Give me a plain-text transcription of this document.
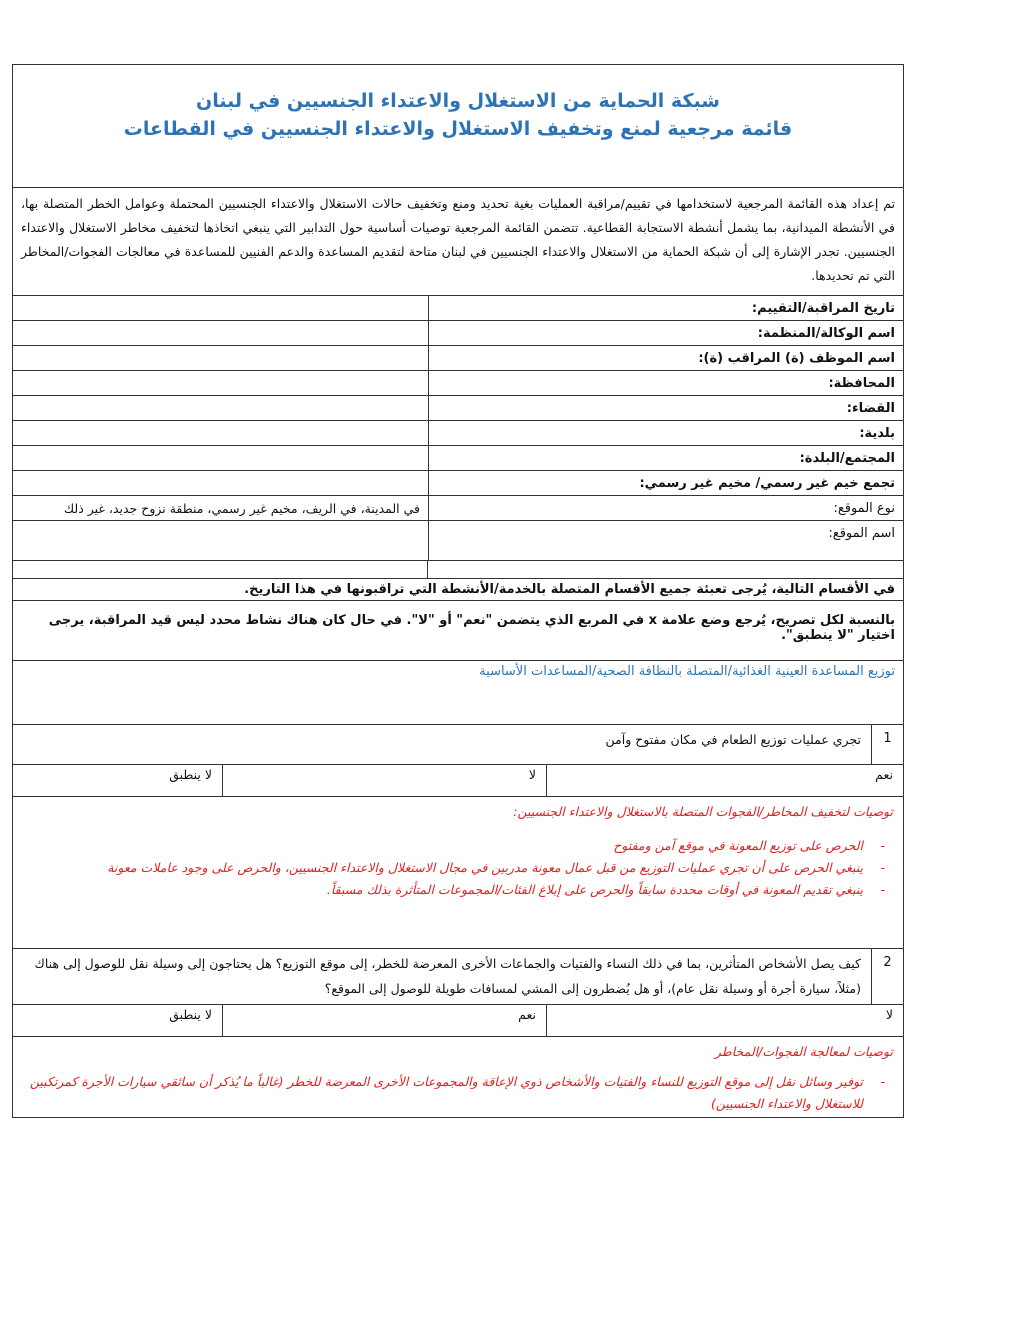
شبكة الحماية من الاستغلال والاعتداء الجنسيين في لبنان
قائمة مرجعية لمنع وتخفيف الاستغلال والاعتداء الجنسيين في القطاعات
تم إعداد هذه القائمة المرجعية لاستخدامها في تقييم/مراقبة العمليات بغية تحديد ومنع وتخفيف حالات الاستغلال والاعتداء الجنسيين المحتملة وعوامل الخطر المتصلة بها، في الأنشطة الميدانية، بما يشمل أنشطة الاستجابة القطاعية. تتضمن القائمة المرجعية توصيات أساسية حول التدابير التي ينبغي اتخاذها لتخفيف مخاطر الاستغلال والاعتداء الجنسيين. تجدر الإشارة إلى أن شبكة الحماية من الاستغلال والاعتداء الجنسيين في لبنان متاحة لتقديم المساعدة والدعم الفنيين للمساعدة في معالجات الفجوات/المخاطر التي تم تحديدها.
تاريخ المراقبة/التقييم:
اسم الوكالة/المنظمة:
اسم الموظف (ة) المراقب (ة):
المحافظة:
القضاء:
بلدية:
المجتمع/البلدة:
تجمع خيم غير رسمي/ مخيم غير رسمي:
نوع الموقع:
في المدينة، في الريف، مخيم غير رسمي، منطقة نزوح جديد، غير ذلك
اسم الموقع:
في الأقسام التالية، يُرجى تعبئة جميع الأقسام المتصلة بالخدمة/الأنشطة التي تراقبونها في هذا التاريخ.
بالنسبة لكل تصريح، يُرجع وضع علامة x في المربع الذي يتضمن "نعم" أو "لا". في حال كان هناك نشاط محدد ليس قيد المراقبة، يرجى اختيار "لا ينطبق".
توزيع المساعدة العينية الغذائية/المتصلة بالنظافة الصحية/المساعدات الأساسية
1
تجري عمليات توزيع الطعام في مكان مفتوح وآمن
نعم
لا
لا ينطبق
توصيات لتخفيف المخاطر/الفجوات المتصلة بالاستغلال والاعتداء الجنسيين:
- الحرص على توزيع المعونة في موقع آمن ومفتوح
- ينبغي الحرص على أن تجري عمليات التوزيع من قبل عمال معونة مدربين في مجال الاستغلال والاعتداء الجنسيين، والحرص على وجود عاملات معونة
- ينبغي تقديم المعونة في أوقات محددة سابقاً والحرص على إبلاغ الفئات/المجموعات المتأثرة بذلك مسبقاً.
2
كيف يصل الأشخاص المتأثرين، بما في ذلك النساء والفتيات والجماعات الأخرى المعرضة للخطر، إلى موقع التوزيع؟ هل يحتاجون إلى وسيلة نقل للوصول إلى هناك (مثلاً، سيارة أجرة أو وسيلة نقل عام)، أو هل يُضطرون إلى المشي لمسافات طويلة للوصول إلى الموقع؟
لا
نعم
لا ينطبق
توصيات لمعالجة الفجوات/المخاطر
- توفير وسائل نقل إلى موقع التوزيع للنساء والفتيات والأشخاص ذوي الإعاقة والمجموعات الأخرى المعرضة للخطر (غالباً ما يُذكر أن سائقي سيارات الأجرة كمرتكبين للاستغلال والاعتداء الجنسيين)
